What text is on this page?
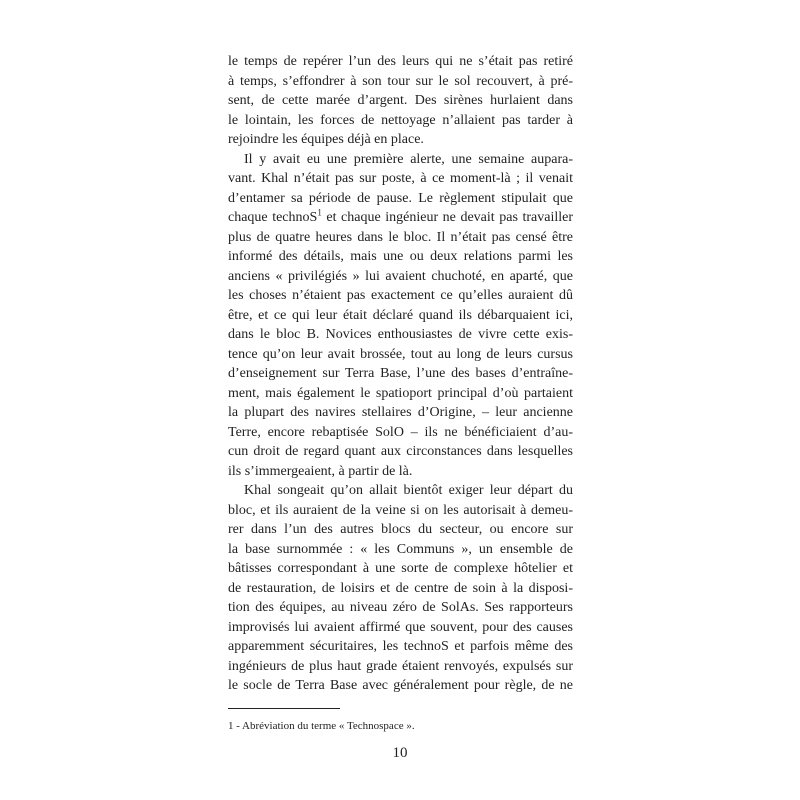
le temps de repérer l’un des leurs qui ne s’était pas retiré
à temps, s’effondrer à son tour sur le sol recouvert, à pré-
sent, de cette marée d’argent. Des sirènes hurlaient dans
le lointain, les forces de nettoyage n’allaient pas tarder à
rejoindre les équipes déjà en place.
Il y avait eu une première alerte, une semaine aupara-
vant. Khal n’était pas sur poste, à ce moment-là ; il venait
d’entamer sa période de pause. Le règlement stipulait que
chaque technoS$^1$ et chaque ingénieur ne devait pas travailler
plus de quatre heures dans le bloc. Il n’était pas censé être
informé des détails, mais une ou deux relations parmi les
anciens « privilégiés » lui avaient chuchoté, en aparté, que
les choses n’étaient pas exactement ce qu’elles auraient dû
être, et ce qui leur était déclaré quand ils débarquaient ici,
dans le bloc B. Novices enthousiastes de vivre cette exis-
tence qu’on leur avait brossée, tout au long de leurs cursus
d’enseignement sur Terra Base, l’une des bases d’entraîne-
ment, mais également le spatioport principal d’où partaient
la plupart des navires stellaires d’Origine, – leur ancienne
Terre, encore rebaptisée SolO – ils ne bénéficiaient d’au-
cun droit de regard quant aux circonstances dans lesquelles
ils s’immergeaient, à partir de là.
Khal songeait qu’on allait bientôt exiger leur départ du
bloc, et ils auraient de la veine si on les autorisait à demeu-
rer dans l’un des autres blocs du secteur, ou encore sur
la base surnommée : « les Communs », un ensemble de
bâtisses correspondant à une sorte de complexe hôtelier et
de restauration, de loisirs et de centre de soin à la disposi-
tion des équipes, au niveau zéro de SolAs. Ses rapporteurs
improvisés lui avaient affirmé que souvent, pour des causes
apparemment sécuritaires, les technoS et parfois même des
ingénieurs de plus haut grade étaient renvoyés, expulsés sur
le socle de Terra Base avec généralement pour règle, de ne
1 - Abréviation du terme « Technospace ».
10
